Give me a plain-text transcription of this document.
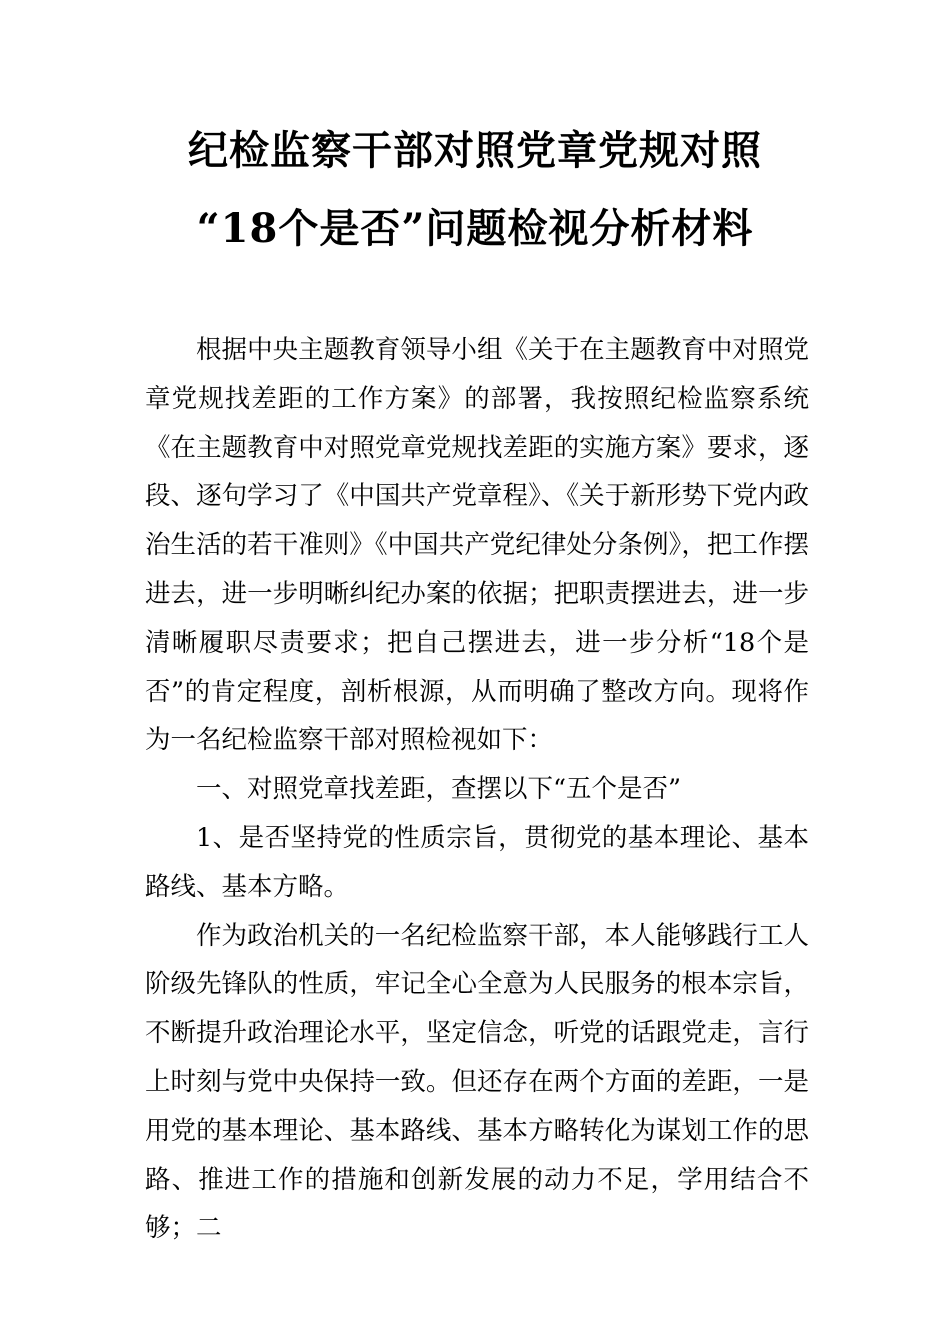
纪检监察干部对照党章党规对照
“18个是否”问题检视分析材料

根据中央主题教育领导小组《关于在主题教育中对照党章党规找差距的工作方案》的部署，我按照纪检监察系统《在主题教育中对照党章党规找差距的实施方案》要求，逐段、逐句学习了《中国共产党章程》、《关于新形势下党内政治生活的若干准则》《中国共产党纪律处分条例》，把工作摆进去，进一步明晰纠纪办案的依据；把职责摆进去，进一步清晰履职尽责要求；把自己摆进去，进一步分析“18个是否”的肯定程度，剖析根源，从而明确了整改方向。现将作为一名纪检监察干部对照检视如下：

一、对照党章找差距，查摆以下“五个是否”

1、是否坚持党的性质宗旨，贯彻党的基本理论、基本路线、基本方略。

作为政治机关的一名纪检监察干部，本人能够践行工人阶级先锋队的性质，牢记全心全意为人民服务的根本宗旨，不断提升政治理论水平，坚定信念，听党的话跟党走，言行上时刻与党中央保持一致。但还存在两个方面的差距，一是用党的基本理论、基本路线、基本方略转化为谋划工作的思路、推进工作的措施和创新发展的动力不足，学用结合不够；二
